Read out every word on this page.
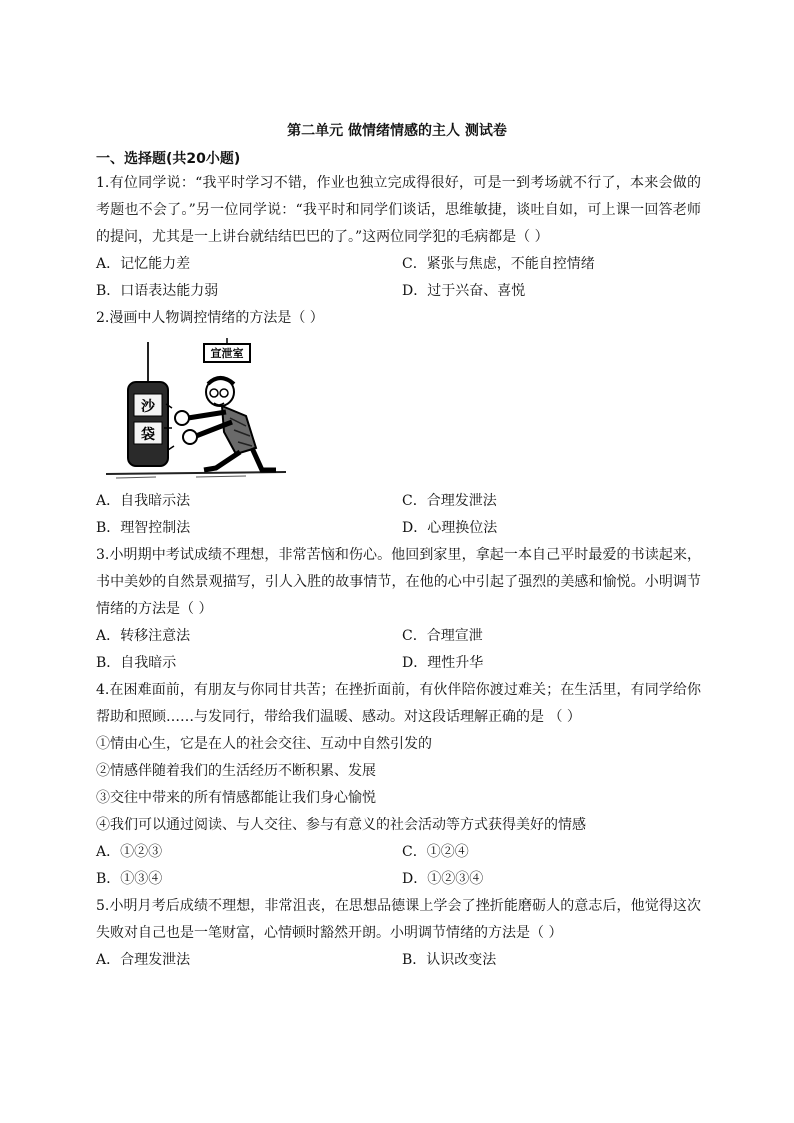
第二单元 做情绪情感的主人 测试卷
一、选择题(共20小题)

1.有位同学说：“我平时学习不错，作业也独立完成得很好，可是一到考场就不行了，本来会做的考题也不会了。”另一位同学说：“我平时和同学们谈话，思维敏捷，谈吐自如，可上课一回答老师的提问，尤其是一上讲台就结结巴巴的了。”这两位同学犯的毛病都是（ ）

A．记忆能力差	C．紧张与焦虑，不能自控情绪
B．口语表达能力弱	D．过于兴奋、喜悦

2.漫画中人物调控情绪的方法是（ ）

沙
袋
宣泄室
A．自我暗示法	C．合理发泄法
B．理智控制法	D．心理换位法

3.小明期中考试成绩不理想，非常苦恼和伤心。他回到家里，拿起一本自己平时最爱的书读起来，书中美妙的自然景观描写，引人入胜的故事情节，在他的心中引起了强烈的美感和愉悦。小明调节情绪的方法是（ ）

A．转移注意法	C．合理宣泄
B．自我暗示	D．理性升华

4.在困难面前，有朋友与你同甘共苦；在挫折面前，有伙伴陪你渡过难关；在生活里，有同学给你帮助和照顾……与发同行，带给我们温暖、感动。对这段话理解正确的是 （ ）

①情由心生，它是在人的社会交往、互动中自然引发的
②情感伴随着我们的生活经历不断积累、发展
③交往中带来的所有情感都能让我们身心愉悦
④我们可以通过阅读、与人交往、参与有意义的社会活动等方式获得美好的情感
A．①②③	C．①②④
B．①③④	D．①②③④

5.小明月考后成绩不理想，非常沮丧，在思想品德课上学会了挫折能磨砺人的意志后，他觉得这次失败对自己也是一笔财富，心情顿时豁然开朗。小明调节情绪的方法是（ ）

A．合理发泄法	B．认识改变法
